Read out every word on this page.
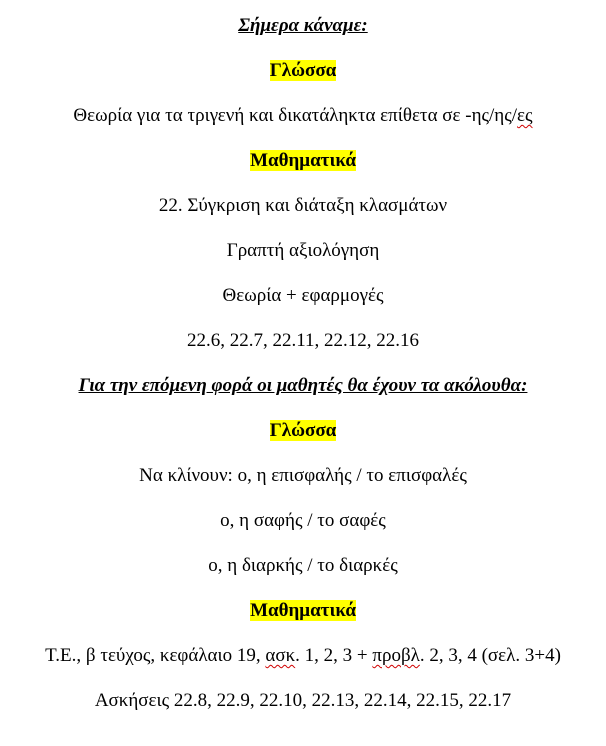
Σήμερα κάναμε:
Γλώσσα
Θεωρία για τα τριγενή και δικατάληκτα επίθετα σε -ης/ης/ες
Μαθηματικά
22. Σύγκριση και διάταξη κλασμάτων
Γραπτή αξιολόγηση
Θεωρία + εφαρμογές
22.6, 22.7, 22.11, 22.12, 22.16
Για την επόμενη φορά οι μαθητές θα έχουν τα ακόλουθα:
Γλώσσα
Να κλίνουν: ο, η επισφαλής / το επισφαλές
ο, η σαφής / το σαφές
ο, η διαρκής / το διαρκές
Μαθηματικά
Τ.Ε., β τεύχος, κεφάλαιο 19, ασκ. 1, 2, 3 + προβλ. 2, 3, 4 (σελ. 3+4)
Ασκήσεις 22.8, 22.9, 22.10, 22.13, 22.14, 22.15, 22.17
